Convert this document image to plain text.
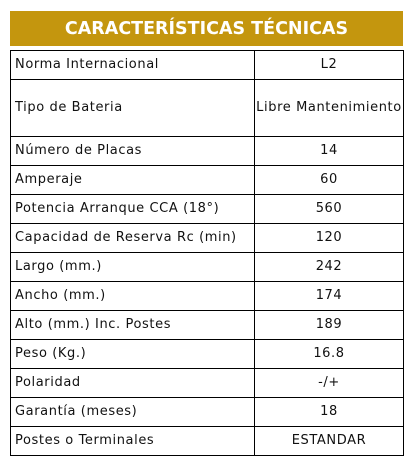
CARACTERÍSTICAS TÉCNICAS
Norma Internacional	L2
Tipo de Bateria	Libre Mantenimiento
Número de Placas	14
Amperaje	60
Potencia Arranque CCA (18°)	560
Capacidad de Reserva Rc (min)	120
Largo (mm.)	242
Ancho (mm.)	174
Alto (mm.) Inc. Postes	189
Peso (Kg.)	16.8
Polaridad	-/+
Garantía (meses)	18
Postes o Terminales	ESTANDAR
